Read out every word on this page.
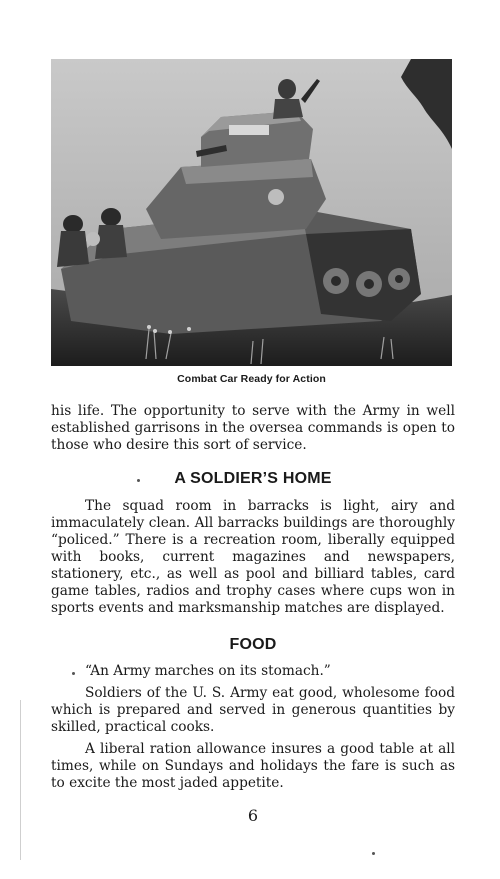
Combat Car Ready for Action

his life. The opportunity to serve with the Army in well established garrisons in the oversea commands is open to those who desire this sort of service.

A SOLDIER’S HOME

The squad room in barracks is light, airy and immaculately clean. All barracks buildings are thoroughly “policed.” There is a recreation room, liberally equipped with books, current magazines and newspapers, stationery, etc., as well as pool and billiard tables, card game tables, radios and trophy cases where cups won in sports events and marksmanship matches are displayed.

FOOD

“An Army marches on its stomach.”

Soldiers of the U. S. Army eat good, wholesome food which is prepared and served in generous quantities by skilled, practical cooks.

A liberal ration allowance insures a good table at all times, while on Sundays and holidays the fare is such as to excite the most jaded appetite.

6
